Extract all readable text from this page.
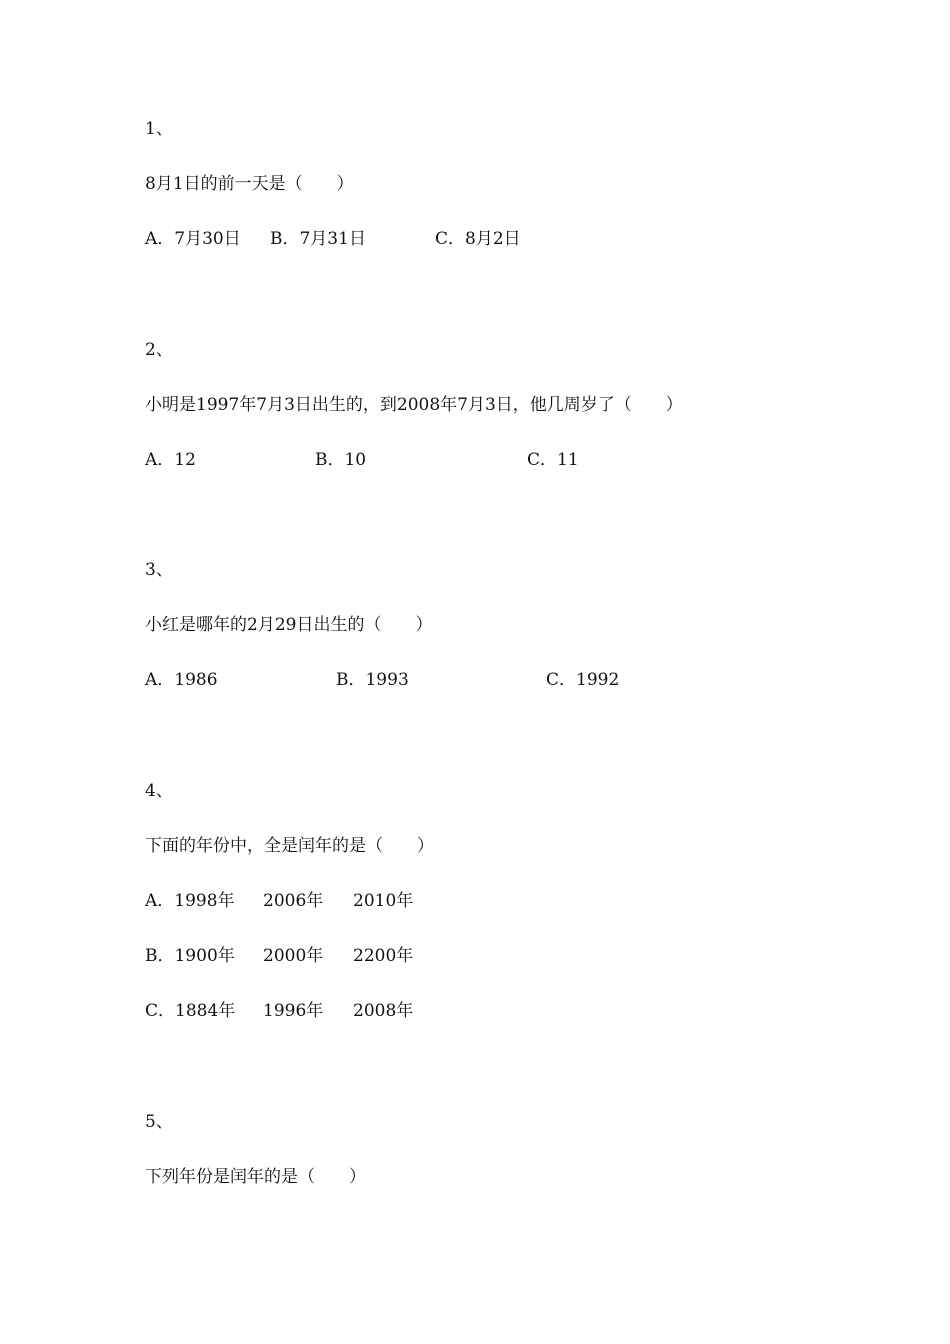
1、
8月1日的前一天是（　　）
A．7月30日 B．7月31日	C．8月2日
2、
小明是1997年7月3日出生的，到2008年7月3日，他几周岁了（　　）
A．12	B．10	C．11
3、
小红是哪年的2月29日出生的（　　）
A．1986	B．1993	C．1992
4、
下面的年份中，全是闰年的是（　　）
A．1998年 2006年 2010年
B．1900年 2000年 2200年
C．1884年 1996年 2008年
5、
下列年份是闰年的是（　　）
